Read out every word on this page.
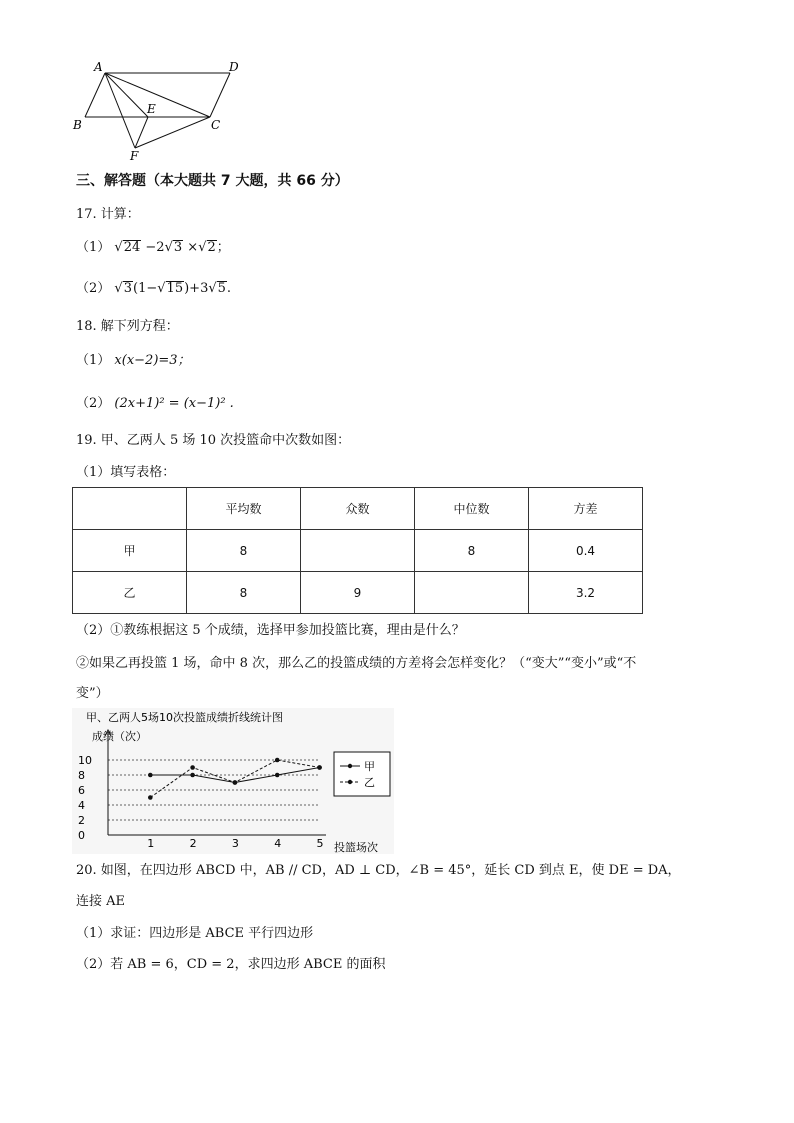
A	D
B
E
C
F
三、解答题（本大题共 7 大题，共 66 分）
17. 计算：
（1） √24 −2√3 ×√2；
（2） √3(1−√15)+3√5.
18. 解下列方程：
（1） x(x−2)=3；
（2） (2x+1)² = (x−1)² .
19. 甲、乙两人 5 场 10 次投篮命中次数如图：
（1）填写表格：
	平均数	众数	中位数	方差
甲	8		8	0.4
乙	8	9		3.2
（2）①教练根据这 5 个成绩，选择甲参加投篮比赛，理由是什么？
②如果乙再投篮 1 场，命中 8 次，那么乙的投篮成绩的方差将会怎样变化？（“变大”“变小”或“不
变”）
甲、乙两人5场10次投篮成绩折线统计图
成绩（次）
投篮场次
0
2
4
6
8
10
1	2	3	4	5
甲
乙
20. 如图，在四边形 ABCD 中，AB // CD，AD ⊥ CD，∠B = 45°，延长 CD 到点 E，使 DE = DA，
连接 AE
（1）求证：四边形是 ABCE 平行四边形
（2）若 AB = 6，CD = 2，求四边形 ABCE 的面积
